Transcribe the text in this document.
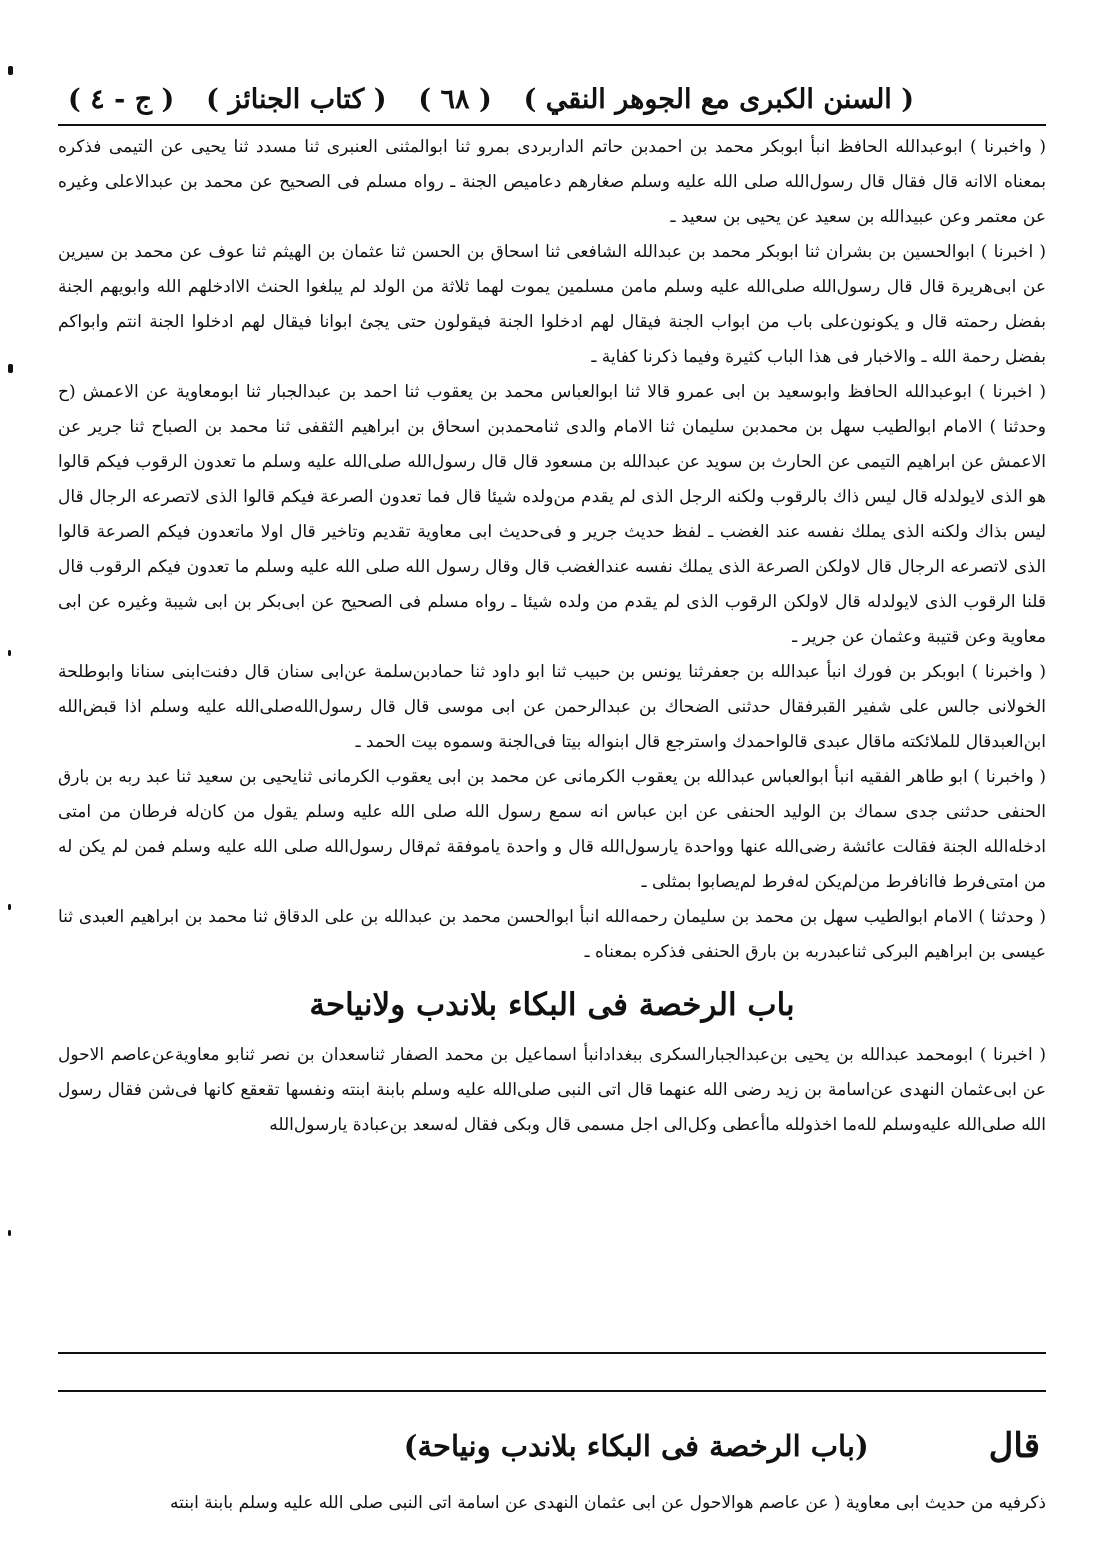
( السنن الكبرى مع الجوهر النقي )
( ٦٨ )
( كتاب الجنائز )
( ج - ٤ )

( واخبرنا ) ابوعبدالله الحافظ انبأ ابوبكر محمد بن احمدبن حاتم الداربردى بمرو ثنا ابوالمثنى العنبرى ثنا مسدد ثنا يحيى عن التيمى فذكره بمعناه الاانه قال فقال قال رسول‌الله صلى الله عليه وسلم صغارهم دعاميص الجنة ـ رواه مسلم فى الصحيح عن محمد بن عبدالاعلى وغيره عن معتمر وعن عبيدالله بن سعيد عن يحيى بن سعيد ـ

( اخبرنا ) ابوالحسين بن بشران ثنا ابوبكر محمد بن عبدالله الشافعى ثنا اسحاق بن الحسن ثنا عثمان بن الهيثم ثنا عوف عن محمد بن سيرين عن ابى‌هريرة قال قال رسول‌الله صلى‌الله عليه وسلم مامن مسلمين يموت لهما ثلاثة من الولد لم يبلغوا الحنث الاادخلهم الله وابويهم الجنة بفضل رحمته قال و يكونون‌على باب من ابواب الجنة فيقال لهم ادخلوا الجنة فيقولون حتى يجئ ابوانا فيقال لهم ادخلوا الجنة انتم وابواكم بفضل رحمة الله ـ والاخبار فى هذا الباب كثيرة وفيما ذكرنا كفاية ـ

( اخبرنا ) ابوعبدالله الحافظ وابوسعيد بن ابى عمرو قالا ثنا ابوالعباس محمد بن يعقوب ثنا احمد بن عبدالجبار ثنا ابومعاوية عن الاعمش (ح وحدثنا ) الامام ابوالطيب سهل بن محمدبن سليمان ثنا الامام والدى ثنامحمدبن اسحاق بن ابراهيم الثقفى ثنا محمد بن الصباح ثنا جرير عن الاعمش عن ابراهيم التيمى عن الحارث بن سويد عن عبدالله بن مسعود قال قال رسول‌الله صلى‌الله عليه وسلم ما تعدون الرقوب فيكم قالوا هو الذى لايولدله قال ليس ذاك بالرقوب ولكنه الرجل الذى لم يقدم من‌ولده شيئا قال فما تعدون الصرعة فيكم قالوا الذى لاتصرعه الرجال قال ليس بذاك ولكنه الذى يملك نفسه عند الغضب ـ لفظ حديث جرير و فى‌حديث ابى معاوية تقديم وتاخير قال اولا ماتعدون فيكم الصرعة قالوا الذى لاتصرعه الرجال قال لاولكن الصرعة الذى يملك نفسه عندالغضب قال وقال رسول الله صلى الله عليه وسلم ما تعدون فيكم الرقوب قال قلنا الرقوب الذى لايولدله قال لاولكن الرقوب الذى لم يقدم من ولده شيئا ـ رواه مسلم فى الصحيح عن ابى‌بكر بن ابى شيبة وغيره عن ابى معاوية وعن قتيبة وعثمان عن جرير ـ

( واخبرنا ) ابوبكر بن فورك انبأ عبدالله بن جعفرثنا يونس بن حبيب ثنا ابو داود ثنا حمادبن‌سلمة عن‌ابى سنان قال دفنت‌ابنى سنانا وابوطلحة الخولانى جالس على شفير القبرفقال حدثنى الضحاك بن عبدالرحمن عن ابى موسى قال قال رسول‌الله‌صلى‌الله عليه وسلم اذا قبض‌الله ابن‌العبدقال للملائكته ماقال عبدى قالواحمدك واسترجع قال ابنواله بيتا فى‌الجنة وسموه بيت الحمد ـ

( واخبرنا ) ابو طاهر الفقيه انبأ ابوالعباس عبدالله بن يعقوب الكرمانى عن محمد بن ابى يعقوب الكرمانى ثنايحيى بن سعيد ثنا عبد ربه بن بارق الحنفى حدثنى جدى سماك بن الوليد الحنفى عن ابن عباس انه سمع رسول الله صلى الله عليه وسلم يقول من كان‌له فرطان من امتى ادخله‌الله الجنة فقالت عائشة رضى‌الله عنها وواحدة يارسول‌الله قال و واحدة ياموفقة ثم‌قال رسول‌الله صلى الله عليه وسلم فمن لم يكن له من امتى‌فرط فاانافرط من‌لم‌يكن له‌فرط لم‌يصابوا بمثلى ـ

( وحدثنا ) الامام ابوالطيب سهل بن محمد بن سليمان رحمه‌الله انبأ ابوالحسن محمد بن عبدالله بن على الدقاق ثنا محمد بن ابراهيم العبدى ثنا عيسى بن ابراهيم البركى ثناعبدربه بن بارق الحنفى فذكره بمعناه ـ

باب الرخصة فى البكاء بلاندب ولانياحة

( اخبرنا ) ابومحمد عبدالله بن يحيى بن‌عبدالجبارالسكرى ببغدادانبأ اسماعيل بن محمد الصفار ثناسعدان بن نصر ثنابو معاوية‌عن‌عاصم الاحول عن ابى‌عثمان النهدى عن‌اسامة بن زيد رضى الله عنهما قال اتى النبى صلى‌الله عليه وسلم بابنة ابنته ونفسها تقعقع كانها فى‌شن فقال رسول الله صلى‌الله عليه‌وسلم لله‌ما اخذولله ماأعطى وكل‌الى اجل مسمى قال وبكى فقال له‌سعد بن‌عبادة يارسول‌الله

قال
(باب الرخصة فى البكاء بلاندب ونياحة)
ذكرفيه من حديث ابى معاوية ( عن عاصم هوالاحول عن ابى عثمان النهدى عن اسامة اتى النبى صلى الله عليه وسلم بابنة ابنته
